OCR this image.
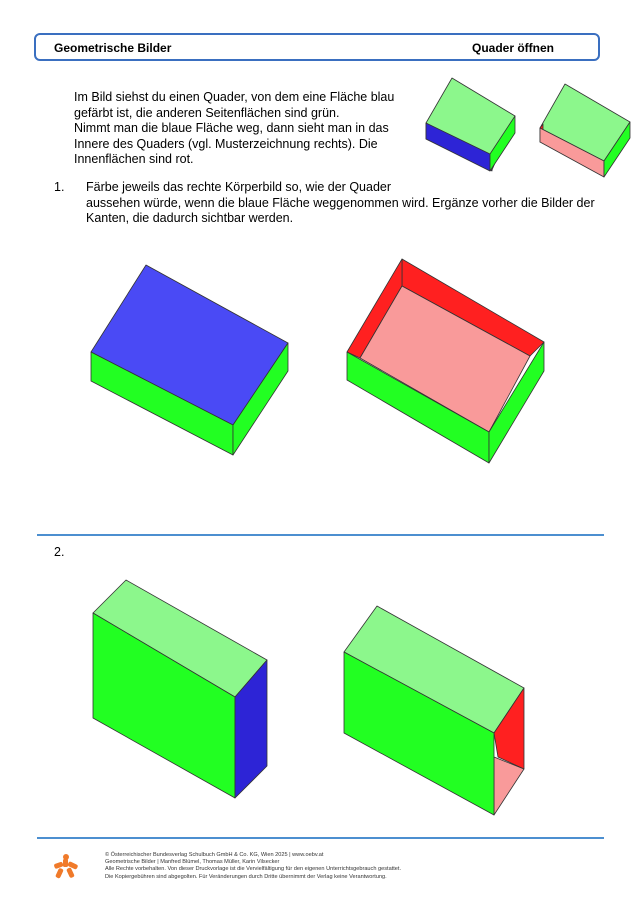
Geometrische Bilder	Quader öffnen

Im Bild siehst du einen Quader, von dem eine Fläche blau

gefärbt ist, die anderen Seitenflächen sind grün.

Nimmt man die blaue Fläche weg, dann sieht man in das

Innere des Quaders (vgl. Musterzeichnung rechts). Die

Innenflächen sind rot.

1. Färbe jeweils das rechte Körperbild so, wie der Quader
aussehen würde, wenn die blaue Fläche weggenommen wird. Ergänze vorher die Bilder der
Kanten, die dadurch sichtbar werden.
2.
© Österreichischer Bundesverlag Schulbuch GmbH & Co. KG, Wien 2025 | www.oebv.at
Geometrische Bilder | Manfred Blümel, Thomas Müller, Karin Vilsecker
Alle Rechte vorbehalten. Von dieser Druckvorlage ist die Vervielfältigung für den eigenen Unterrichtsgebrauch gestattet.
Die Kopiergebühren sind abgegolten. Für Veränderungen durch Dritte übernimmt der Verlag keine Verantwortung.
